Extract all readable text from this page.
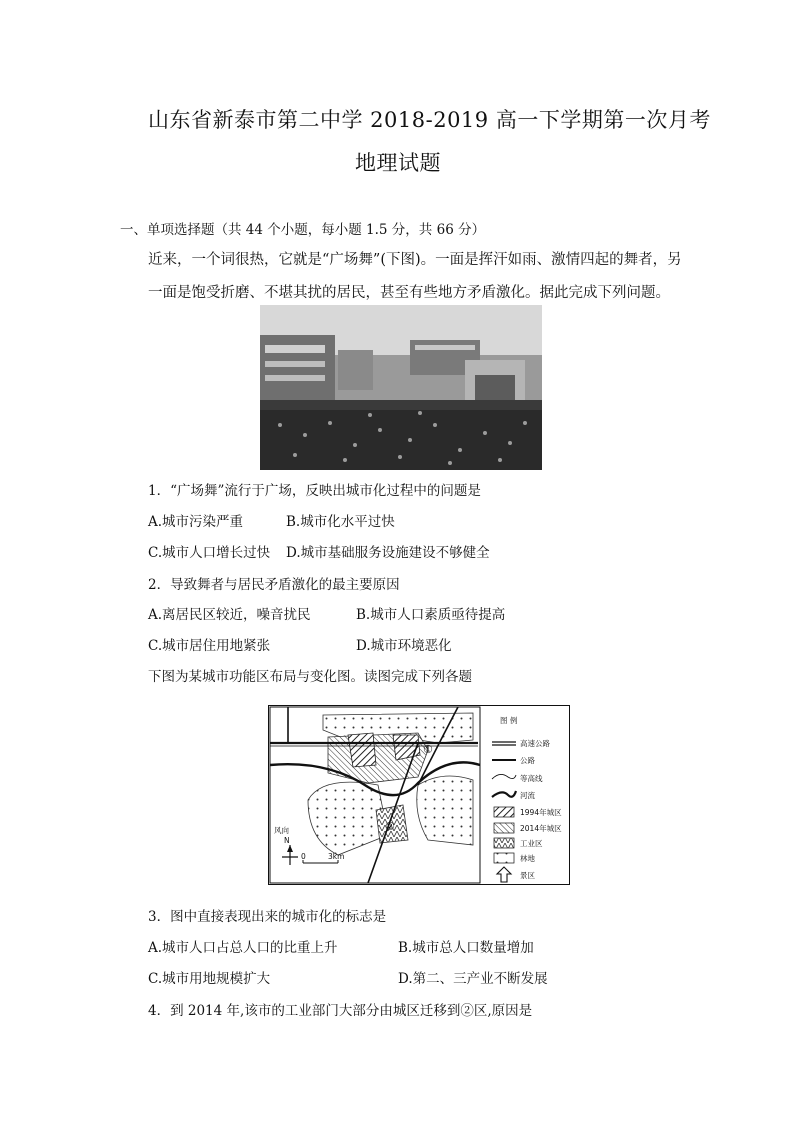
山东省新泰市第二中学 2018-2019 高一下学期第一次月考
地理试题
一、单项选择题（共 44 个小题，每小题 1.5 分，共 66 分）
近来，一个词很热，它就是“广场舞”(下图)。一面是挥汗如雨、激情四起的舞者，另
一面是饱受折磨、不堪其扰的居民，甚至有些地方矛盾激化。据此完成下列问题。
1．“广场舞”流行于广场，反映出城市化过程中的问题是
A.城市污染严重	B.城市化水平过快
C.城市人口增长过快 D.城市基础服务设施建设不够健全
2．导致舞者与居民矛盾激化的最主要原因
A.离居民区较近，噪音扰民	B.城市人口素质亟待提高
C.城市居住用地紧张	D.城市环境恶化
下图为某城市功能区布局与变化图。读图完成下列各题
①
②
风向
N
0	3km
图 例
高速公路
公路
等高线
河流
1994年城区
2014年城区
工业区
林地
景区
3．图中直接表现出来的城市化的标志是
A.城市人口占总人口的比重上升	B.城市总人口数量增加
C.城市用地规模扩大	D.第二、三产业不断发展
4．到 2014 年,该市的工业部门大部分由城区迁移到②区,原因是
